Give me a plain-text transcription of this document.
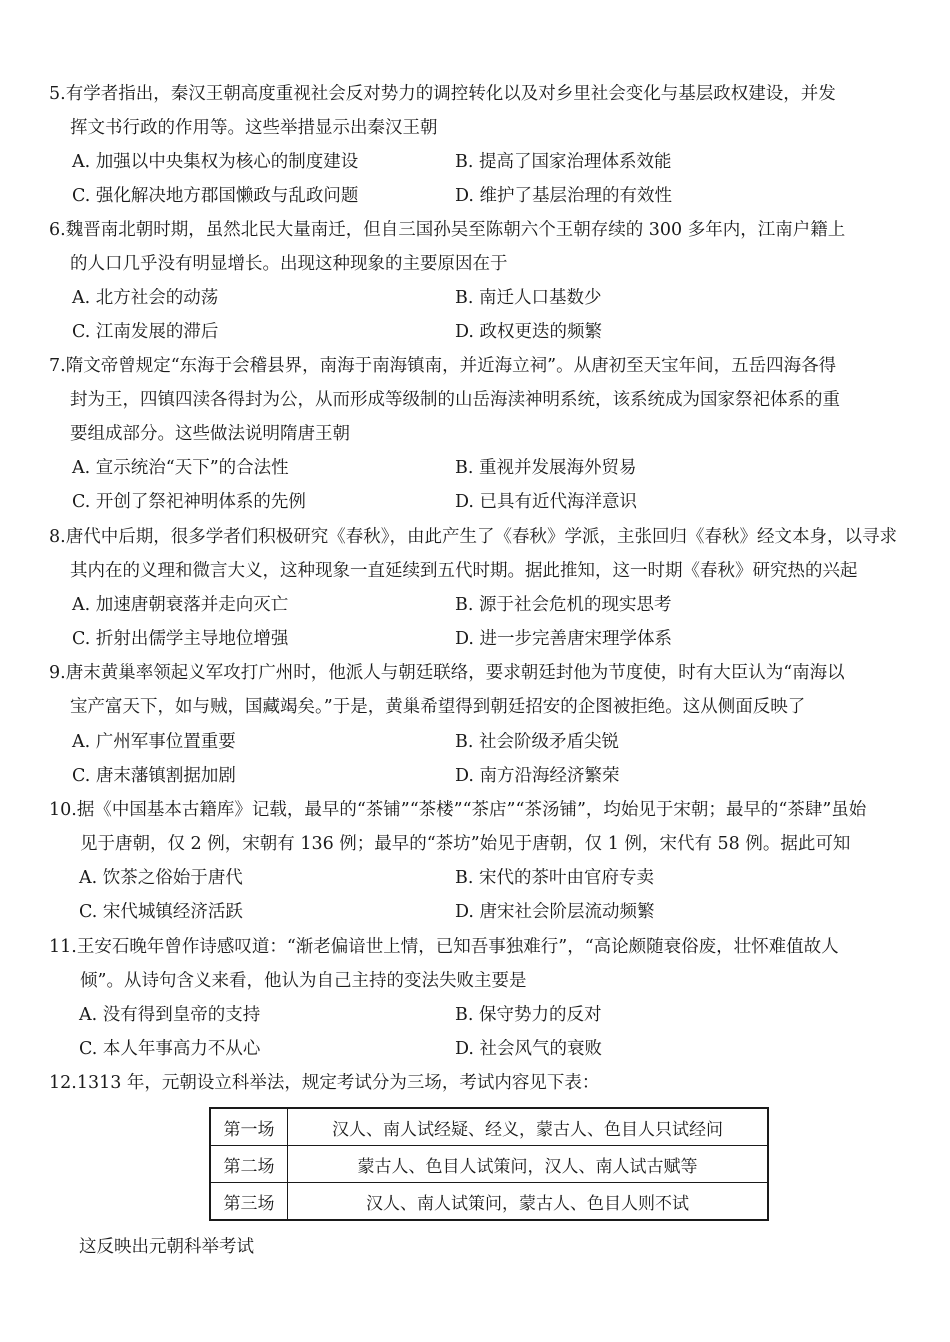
5.有学者指出，秦汉王朝高度重视社会反对势力的调控转化以及对乡里社会变化与基层政权建设，并发
挥文书行政的作用等。这些举措显示出秦汉王朝
A. 加强以中央集权为核心的制度建设	B. 提高了国家治理体系效能
C. 强化解决地方郡国懒政与乱政问题	D. 维护了基层治理的有效性
6.魏晋南北朝时期，虽然北民大量南迁，但自三国孙吴至陈朝六个王朝存续的 300 多年内，江南户籍上
的人口几乎没有明显增长。出现这种现象的主要原因在于
A. 北方社会的动荡	B. 南迁人口基数少
C. 江南发展的滞后	D. 政权更迭的频繁
7.隋文帝曾规定“东海于会稽县界，南海于南海镇南，并近海立祠”。从唐初至天宝年间，五岳四海各得
封为王，四镇四渎各得封为公，从而形成等级制的山岳海渎神明系统，该系统成为国家祭祀体系的重
要组成部分。这些做法说明隋唐王朝
A. 宣示统治“天下”的合法性	B. 重视并发展海外贸易
C. 开创了祭祀神明体系的先例	D. 已具有近代海洋意识
8.唐代中后期，很多学者们积极研究《春秋》，由此产生了《春秋》学派，主张回归《春秋》经文本身，以寻求
其内在的义理和微言大义，这种现象一直延续到五代时期。据此推知，这一时期《春秋》研究热的兴起
A. 加速唐朝衰落并走向灭亡	B. 源于社会危机的现实思考
C. 折射出儒学主导地位增强	D. 进一步完善唐宋理学体系
9.唐末黄巢率领起义军攻打广州时，他派人与朝廷联络，要求朝廷封他为节度使，时有大臣认为“南海以
宝产富天下，如与贼，国藏竭矣。”于是，黄巢希望得到朝廷招安的企图被拒绝。这从侧面反映了
A. 广州军事位置重要	B. 社会阶级矛盾尖锐
C. 唐末藩镇割据加剧	D. 南方沿海经济繁荣
10.据《中国基本古籍库》记载，最早的“茶铺”“茶楼”“茶店”“茶汤铺”，均始见于宋朝；最早的“茶肆”虽始
见于唐朝，仅 2 例，宋朝有 136 例；最早的“茶坊”始见于唐朝，仅 1 例，宋代有 58 例。据此可知
A. 饮茶之俗始于唐代	B. 宋代的茶叶由官府专卖
C. 宋代城镇经济活跃	D. 唐宋社会阶层流动频繁
11.王安石晚年曾作诗感叹道：“渐老偏谙世上情，已知吾事独难行”，“高论颇随衰俗废，壮怀难值故人
倾”。从诗句含义来看，他认为自己主持的变法失败主要是
A. 没有得到皇帝的支持	B. 保守势力的反对
C. 本人年事高力不从心	D. 社会风气的衰败
12.1313 年，元朝设立科举法，规定考试分为三场，考试内容见下表：
第一场	汉人、南人试经疑、经义，蒙古人、色目人只试经问
第二场	蒙古人、色目人试策问，汉人、南人试古赋等
第三场	汉人、南人试策问，蒙古人、色目人则不试
这反映出元朝科举考试
